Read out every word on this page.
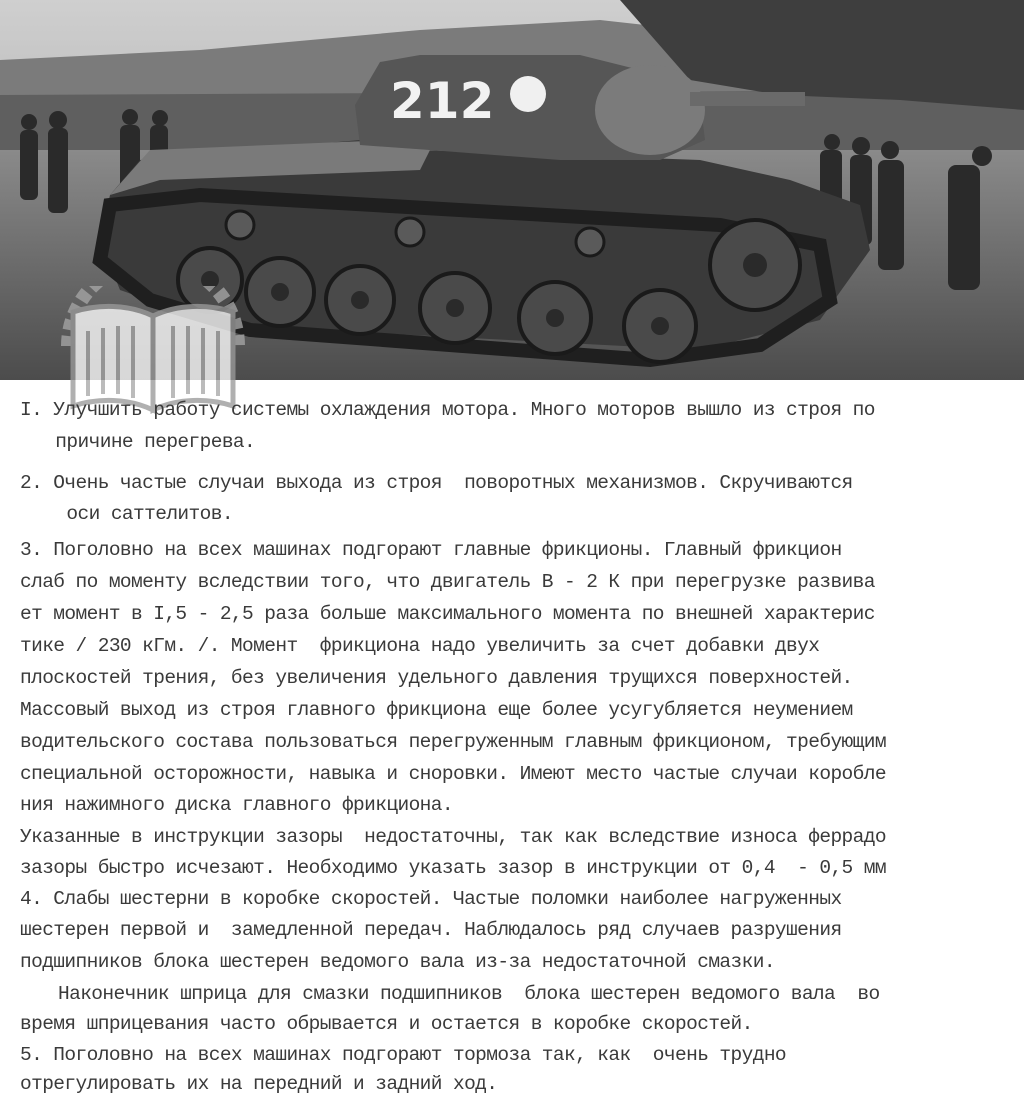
212
I. Улучшить работу системы охлаждения мотора. Много моторов вышло из строя по
причине перегрева.
2. Очень частые случаи выхода из строя  поворотных механизмов. Скручиваются
оси саттелитов.
3. Поголовно на всех машинах подгорают главные фрикционы. Главный фрикцион
слаб по моменту вследствии того, что двигатель В - 2 К при перегрузке развива
ет момент в I,5 - 2,5 раза больше максимального момента по внешней характерис
тике / 230 кГм. /. Момент  фрикциона надо увеличить за счет добавки двух
плоскостей трения, без увеличения удельного давления трущихся поверхностей.
Массовый выход из строя главного фрикциона еще более усугубляется неумением
водительского состава пользоваться перегруженным главным фрикционом, требующим
специальной осторожности, навыка и сноровки. Имеют место частые случаи коробле
ния нажимного диска главного фрикциона.
Указанные в инструкции зазоры  недостаточны, так как вследствие износа феррадо
зазоры быстро исчезают. Необходимо указать зазор в инструкции от 0,4  - 0,5 мм
4. Слабы шестерни в коробке скоростей. Частые поломки наиболее нагруженных
шестерен первой и  замедленной передач. Наблюдалось ряд случаев разрушения
подшипников блока шестерен ведомого вала из-за недостаточной смазки.
Наконечник шприца для смазки подшипников  блока шестерен ведомого вала  во
время шприцевания часто обрывается и остается в коробке скоростей.
5. Поголовно на всех машинах подгорают тормоза так, как  очень трудно
отрегулировать их на передний и задний ход.
